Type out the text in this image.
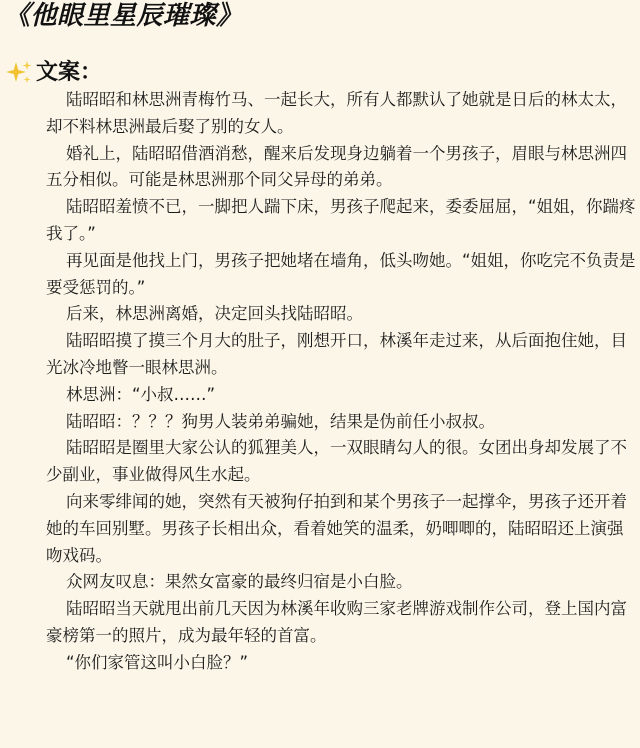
《他眼里星辰璀璨》
文案：

陆昭昭和林思洲青梅竹马、一起长大，所有人都默认了她就是日后的林太太，却不料林思洲最后娶了别的女人。

婚礼上，陆昭昭借酒消愁，醒来后发现身边躺着一个男孩子，眉眼与林思洲四五分相似。可能是林思洲那个同父异母的弟弟。

陆昭昭羞愤不已，一脚把人踹下床，男孩子爬起来，委委屈屈，“姐姐，你踹疼我了。”

再见面是他找上门，男孩子把她堵在墙角，低头吻她。“姐姐，你吃完不负责是要受惩罚的。”

后来，林思洲离婚，决定回头找陆昭昭。

陆昭昭摸了摸三个月大的肚子，刚想开口，林溪年走过来，从后面抱住她，目光冰冷地瞥一眼林思洲。

林思洲：“小叔……”

陆昭昭：？？？狗男人装弟弟骗她，结果是伪前任小叔叔。

陆昭昭是圈里大家公认的狐狸美人，一双眼睛勾人的很。女团出身却发展了不少副业，事业做得风生水起。

向来零绯闻的她，突然有天被狗仔拍到和某个男孩子一起撑伞，男孩子还开着她的车回别墅。男孩子长相出众，看着她笑的温柔，奶唧唧的，陆昭昭还上演强吻戏码。

众网友叹息：果然女富豪的最终归宿是小白脸。

陆昭昭当天就甩出前几天因为林溪年收购三家老牌游戏制作公司，登上国内富豪榜第一的照片，成为最年轻的首富。

“你们家管这叫小白脸？”
